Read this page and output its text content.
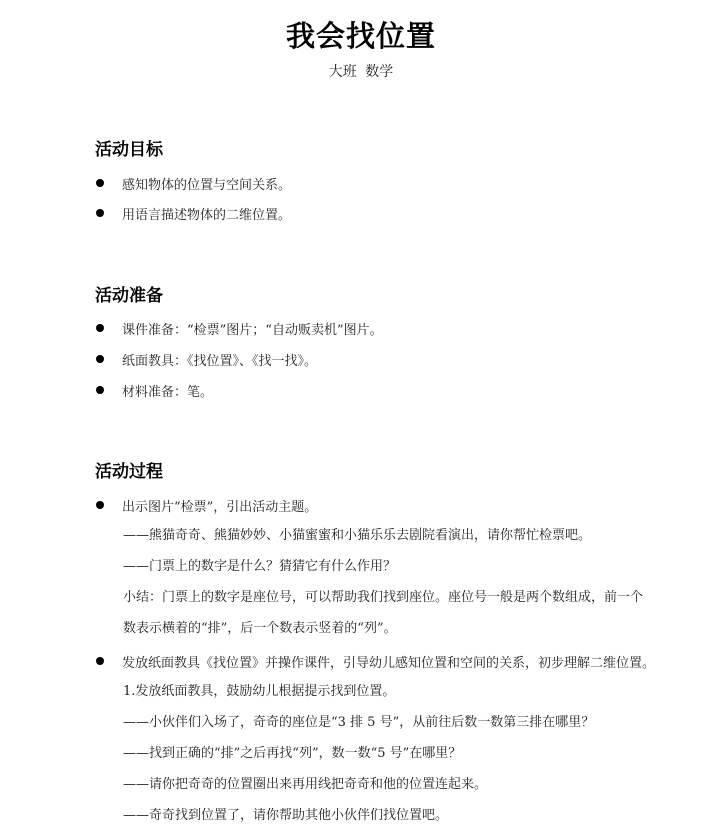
我会找位置
大班 数学
活动目标
感知物体的位置与空间关系。
用语言描述物体的二维位置。
活动准备
课件准备：“检票”图片；“自动贩卖机”图片。
纸面教具：《找位置》、《找一找》。
材料准备：笔。
活动过程
出示图片“检票”，引出活动主题。
——熊猫奇奇、熊猫妙妙、小猫蜜蜜和小猫乐乐去剧院看演出，请你帮忙检票吧。
——门票上的数字是什么？猜猜它有什么作用？
小结：门票上的数字是座位号，可以帮助我们找到座位。座位号一般是两个数组成，前一个
数表示横着的“排”，后一个数表示竖着的“列”。
发放纸面教具《找位置》并操作课件，引导幼儿感知位置和空间的关系，初步理解二维位置。
1.发放纸面教具，鼓励幼儿根据提示找到位置。
——小伙伴们入场了，奇奇的座位是“3 排 5 号”，从前往后数一数第三排在哪里？
——找到正确的“排”之后再找“列”，数一数“5 号”在哪里？
——请你把奇奇的位置圈出来再用线把奇奇和他的位置连起来。
——奇奇找到位置了，请你帮助其他小伙伴们找位置吧。
